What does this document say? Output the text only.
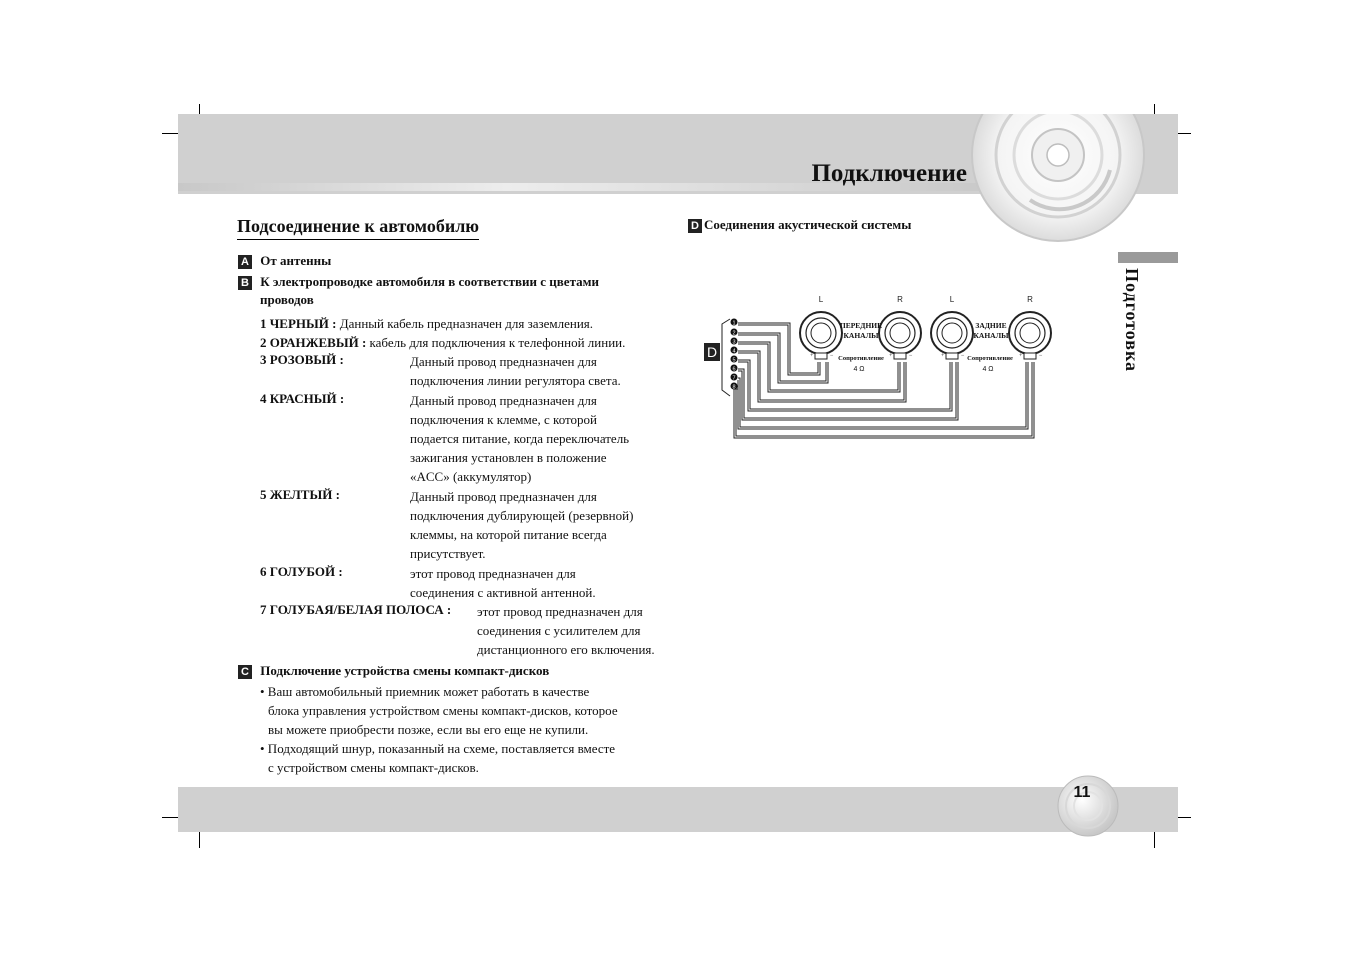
Подключение
Подготовка
Подсоединение к автомобилю
A От антенны
B К электропроводке автомобиля в соответствии с цветами
проводов
1 ЧЕРНЫЙ : Данный кабель предназначен для заземления.
2 ОРАНЖЕВЫЙ : кабель для подключения к телефонной линии.
3 РОЗОВЫЙ :	Данный провод предназначен для
подключения линии регулятора света.
4 КРАСНЫЙ :	Данный провод предназначен для
подключения к клемме, с которой
подается питание, когда переключатель
зажигания установлен в положение
«ACC» (аккумулятор)
5 ЖЕЛТЫЙ :	Данный провод предназначен для
подключения дублирующей (резервной)
клеммы, на которой питание всегда
присутствует.
6 ГОЛУБОЙ :	этот провод предназначен для
соединения с активной антенной.
7 ГОЛУБАЯ/БЕЛАЯ ПОЛОСА : этот провод предназначен для
соединения с усилителем для
дистанционного его включения.
C Подключение устройства смены компакт-дисков
• Ваш автомобильный приемник может работать в качестве
блока управления устройством смены компакт-дисков, которое
вы можете приобрести позже, если вы его еще не купили.
• Подходящий шнур, показанный на схеме, поставляется вместе
с устройством смены компакт-дисков.
D Соединения акустической системы
1
2
3
4
5
6
7
8
D	+	−	+	−	+	−	+	−
L	R	L	R
ПЕРЕДНИЕ
КАНАЛЫ
ЗАДНИЕ
КАНАЛЫ
Сопротивление	Сопротивление
4 Ω	4 Ω
11
